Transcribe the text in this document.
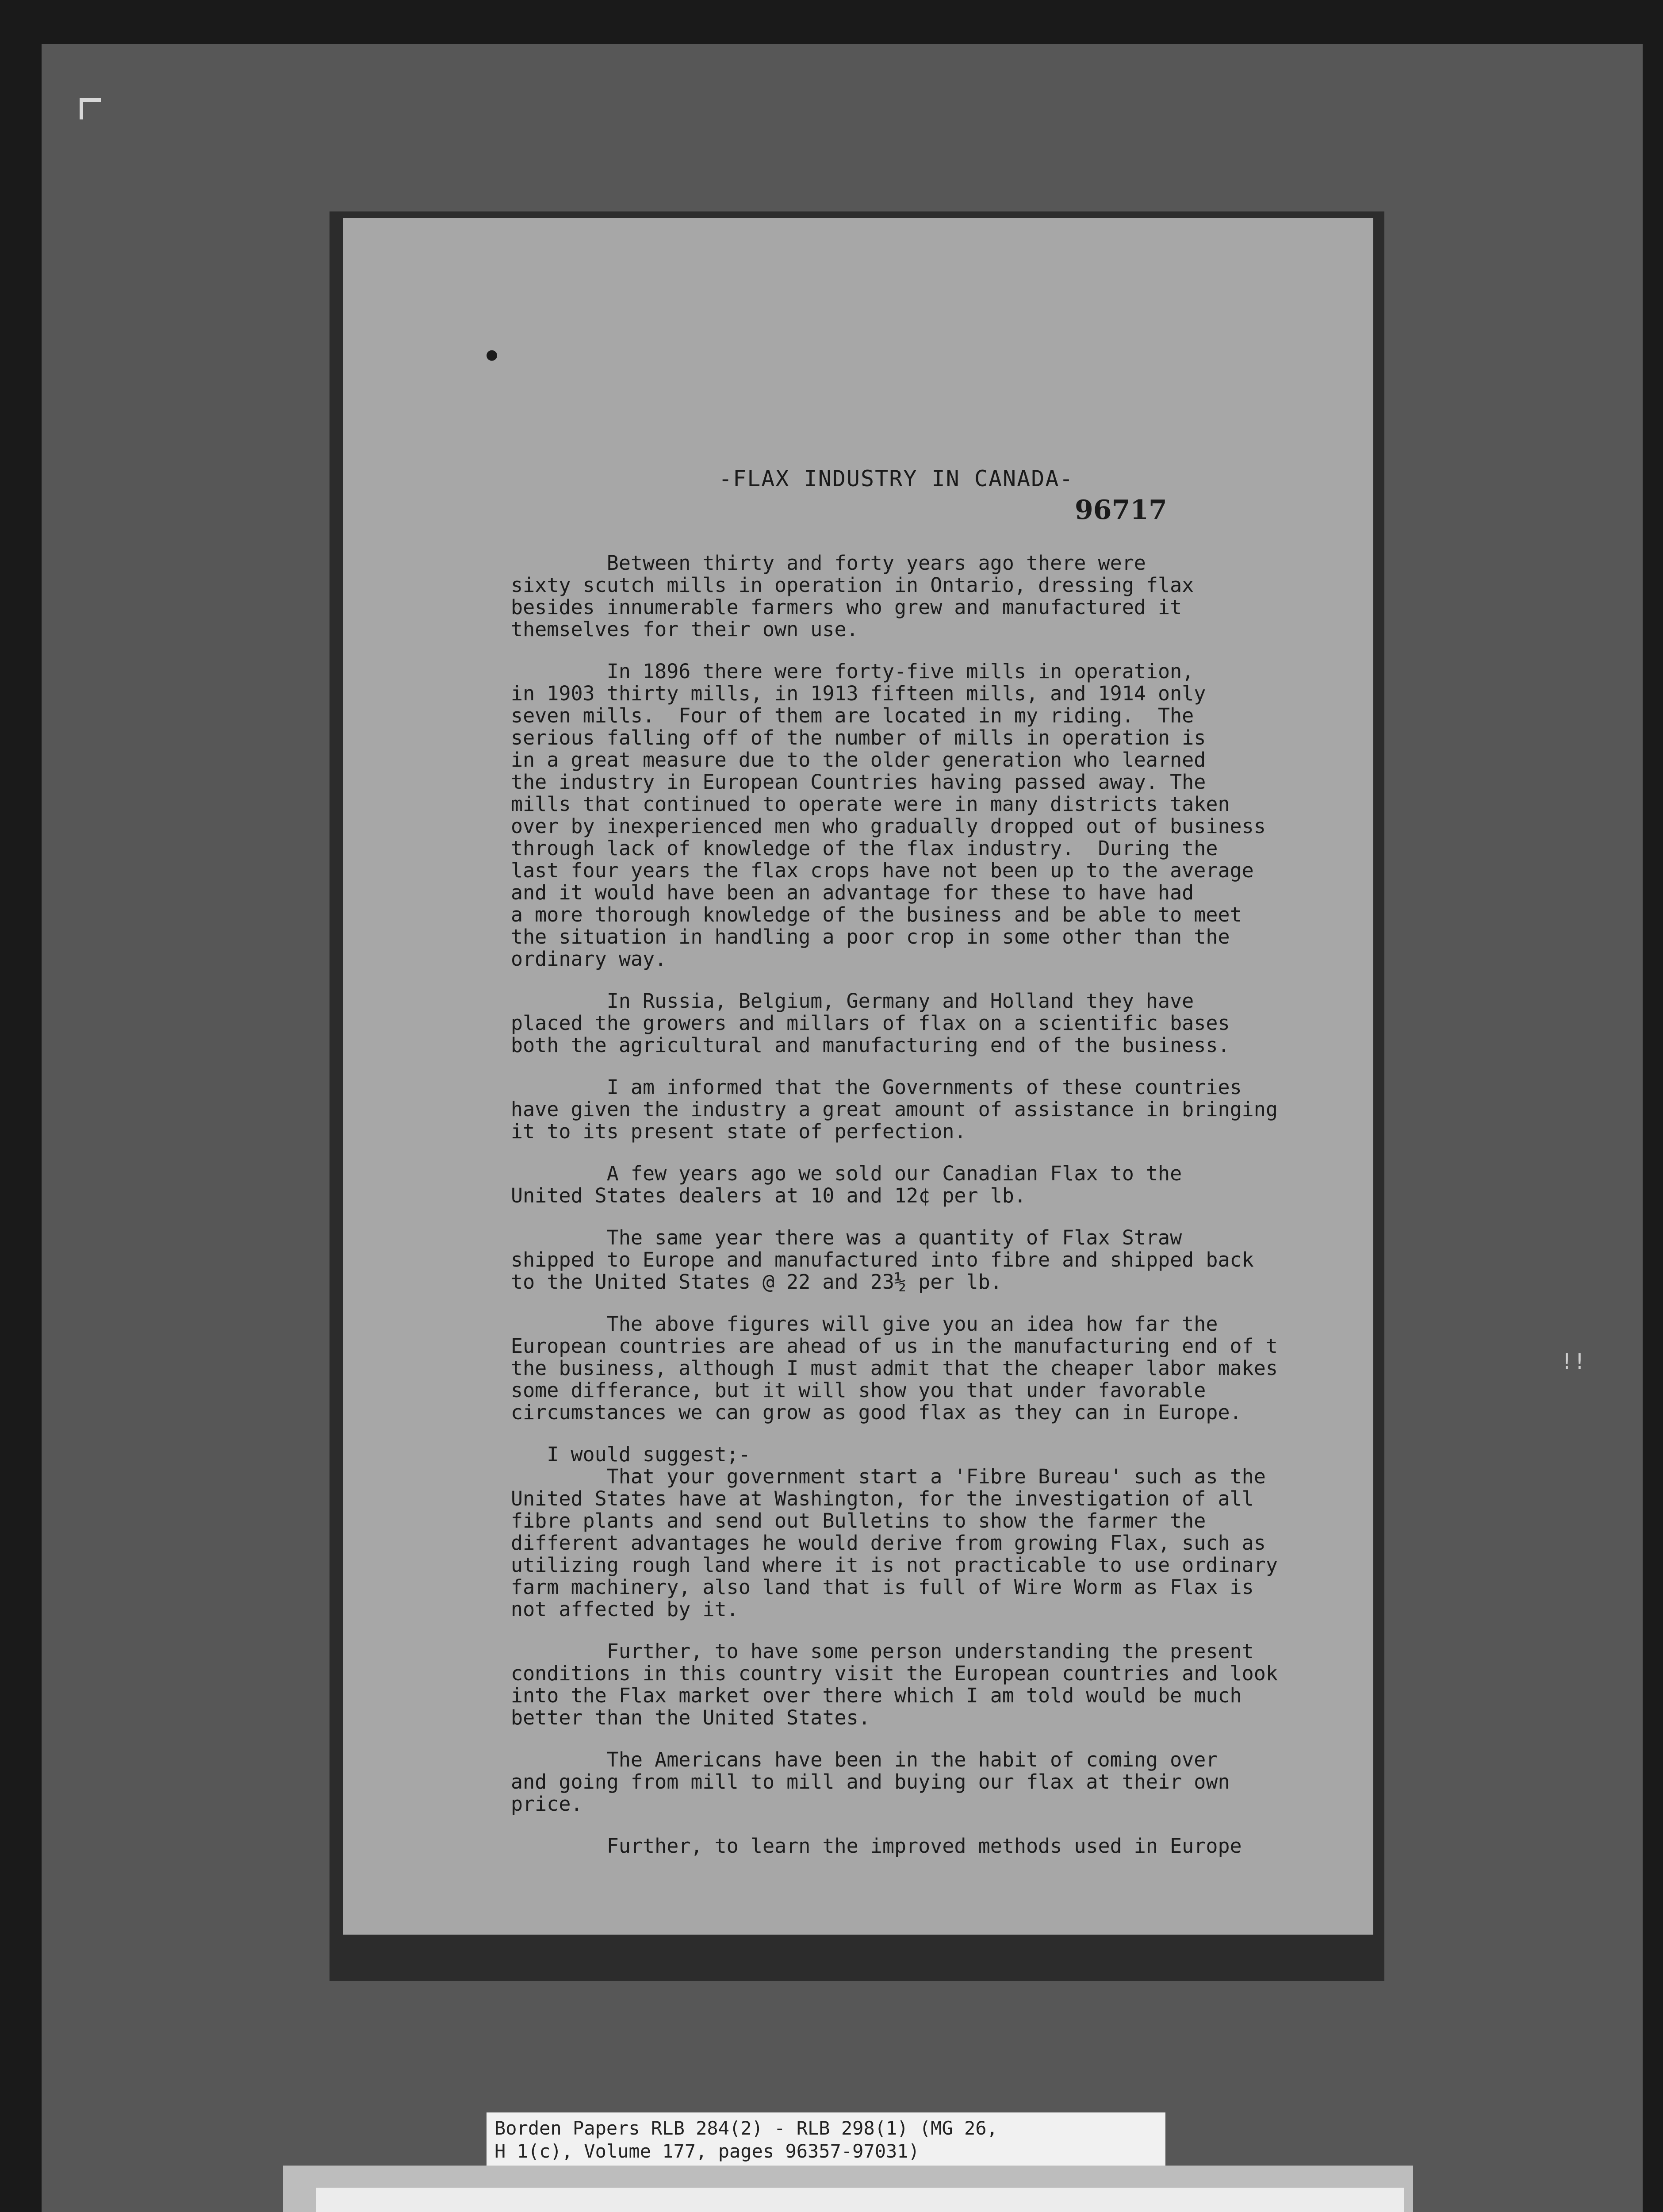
●
-FLAX INDUSTRY IN CANADA-
96717

Between thirty and forty years ago there were
sixty scutch mills in operation in Ontario, dressing flax
besides innumerable farmers who grew and manufactured it
themselves for their own use.

In 1896 there were forty-five mills in operation,
in 1903 thirty mills, in 1913 fifteen mills, and 1914 only
seven mills.  Four of them are located in my riding.  The
serious falling off of the number of mills in operation is
in a great measure due to the older generation who learned
the industry in European Countries having passed away. The
mills that continued to operate were in many districts taken
over by inexperienced men who gradually dropped out of business
through lack of knowledge of the flax industry.  During the
last four years the flax crops have not been up to the average
and it would have been an advantage for these to have had
a more thorough knowledge of the business and be able to meet
the situation in handling a poor crop in some other than the
ordinary way.

In Russia, Belgium, Germany and Holland they have
placed the growers and millars of flax on a scientific bases
both the agricultural and manufacturing end of the business.

I am informed that the Governments of these countries
have given the industry a great amount of assistance in bringing
it to its present state of perfection.

A few years ago we sold our Canadian Flax to the
United States dealers at 10 and 12¢ per lb.

The same year there was a quantity of Flax Straw
shipped to Europe and manufactured into fibre and shipped back
to the United States @ 22 and 23½ per lb.

The above figures will give you an idea how far the
European countries are ahead of us in the manufacturing end of t
the business, although I must admit that the cheaper labor makes
some differance, but it will show you that under favorable
circumstances we can grow as good flax as they can in Europe.

I would suggest;-
That your government start a 'Fibre Bureau' such as the
United States have at Washington, for the investigation of all
fibre plants and send out Bulletins to show the farmer the
different advantages he would derive from growing Flax, such as
utilizing rough land where it is not practicable to use ordinary
farm machinery, also land that is full of Wire Worm as Flax is
not affected by it.

Further, to have some person understanding the present
conditions in this country visit the European countries and look
into the Flax market over there which I am told would be much
better than the United States.

The Americans have been in the habit of coming over
and going from mill to mill and buying our flax at their own
price.

Further, to learn the improved methods used in Europe

!!
Borden Papers RLB 284(2) - RLB 298(1) (MG 26,
H 1(c), Volume 177, pages 96357-97031)
